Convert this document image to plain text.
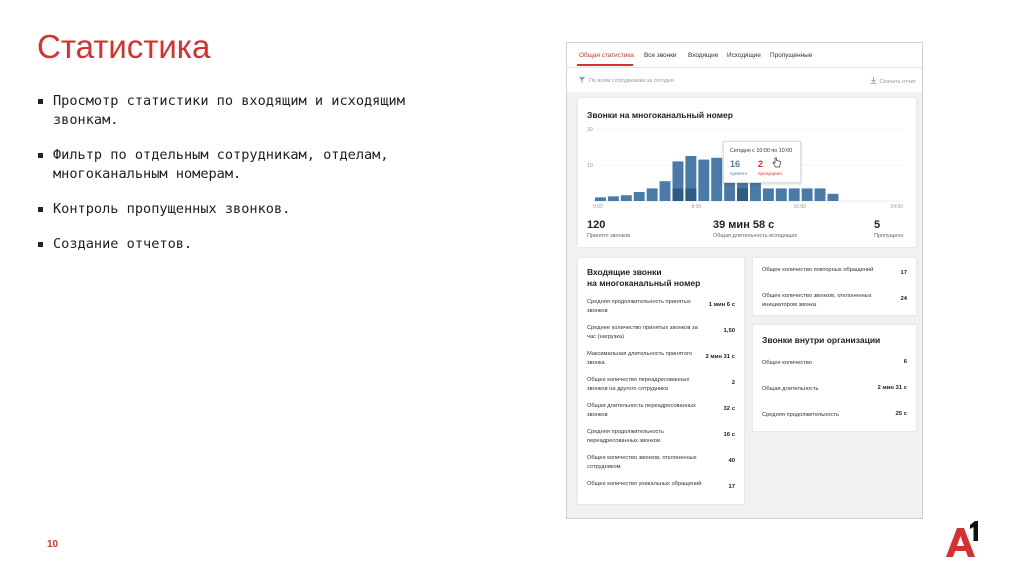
Статистика
Просмотр статистики по входящим и исходящим звонкам.
Фильтр по отдельным сотрудникам, отделам, многоканальным номерам.
Контроль пропущенных звонков.
Создание отчетов.
10
Общая статистика Все звонки Входящие Исходящие Пропущенные
По всем сотрудникам за сегодня	Скачать отчет
Звонки на многоканальный номер
20
10
0:00	8:00	16:00	24:00
Сегодня с 10:00 по 10:00
16
принято
2
пропущено
120
Принято звонков
39 мин 58 с
Общая длительность исходящих
5
Пропущено
Входящие звонки
на многоканальный номер
Средняя продолжительность принятых звонков
1 мин 6 с
Среднее количество принятых звонков за час (нагрузка)
1,50
Максимальная длительность принятого звонка
2 мин 31 с
Общее количество переадресованных звонков на другого сотрудника
2
Общая длительность переадресованных звонков
32 с
Средняя продолжительность переадресованных звонков
16 с
Общее количество звонков, отклоненных сотрудником
40
Общее количество уникальных обращений	17
Общее количество повторных обращений	17
Общее количество звонков, отклоненных инициатором звонка
24
Звонки внутри организации
Общее количество	6
Общая длительность	2 мин 31 с
Средняя продолжительность	25 с
